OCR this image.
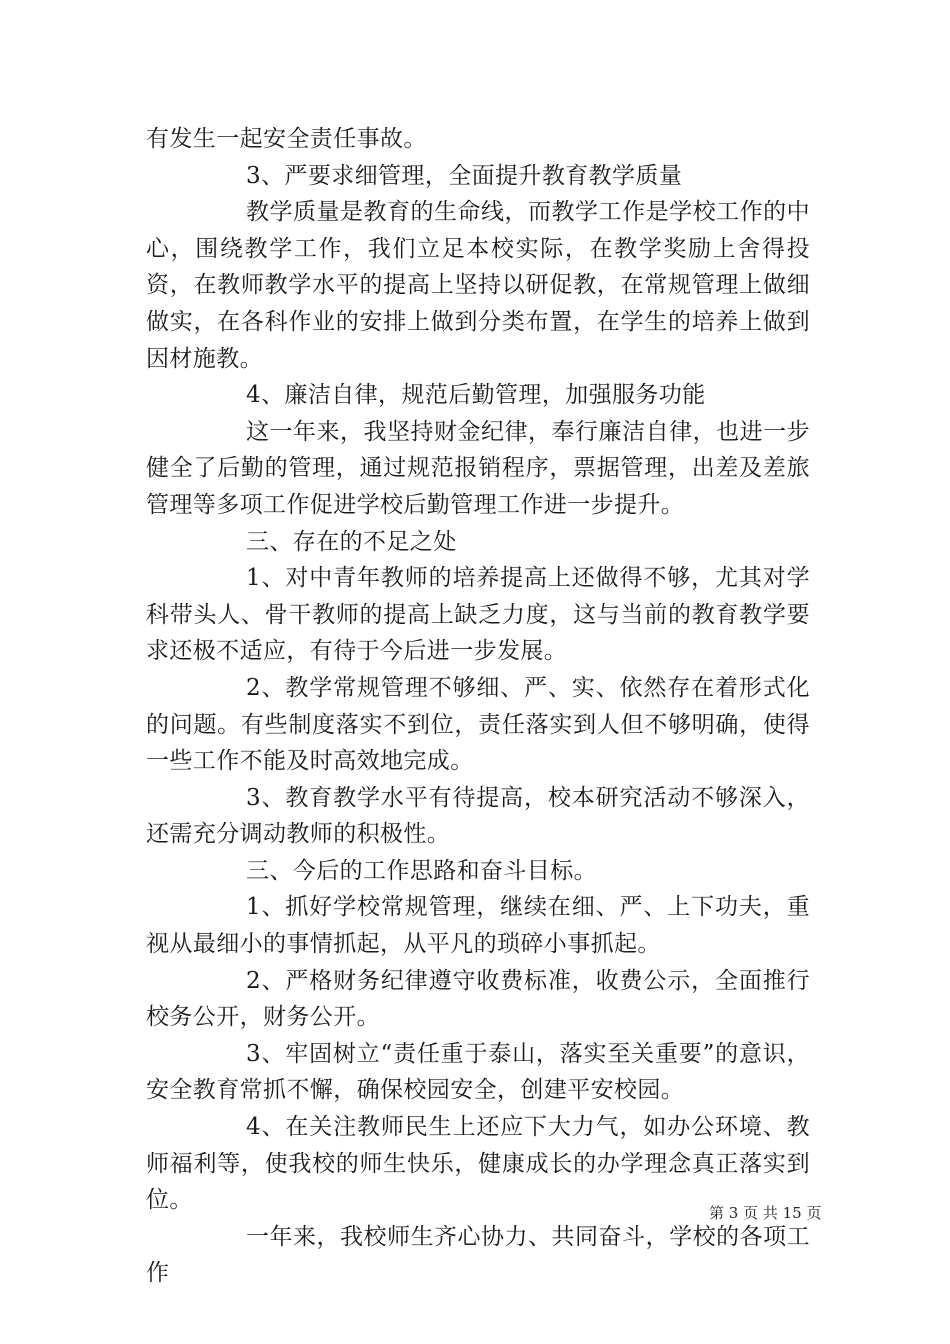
有发生一起安全责任事故。

3、严要求细管理，全面提升教育教学质量

教学质量是教育的生命线，而教学工作是学校工作的中心，围绕教学工作，我们立足本校实际，在教学奖励上舍得投资，在教师教学水平的提高上坚持以研促教，在常规管理上做细做实，在各科作业的安排上做到分类布置，在学生的培养上做到因材施教。

4、廉洁自律，规范后勤管理，加强服务功能

这一年来，我坚持财金纪律，奉行廉洁自律，也进一步健全了后勤的管理，通过规范报销程序，票据管理，出差及差旅管理等多项工作促进学校后勤管理工作进一步提升。

三、存在的不足之处

1、对中青年教师的培养提高上还做得不够，尤其对学科带头人、骨干教师的提高上缺乏力度，这与当前的教育教学要求还极不适应，有待于今后进一步发展。

2、教学常规管理不够细、严、实、依然存在着形式化的问题。有些制度落实不到位，责任落实到人但不够明确，使得一些工作不能及时高效地完成。

3、教育教学水平有待提高，校本研究活动不够深入，还需充分调动教师的积极性。

三、今后的工作思路和奋斗目标。

1、抓好学校常规管理，继续在细、严、上下功夫，重视从最细小的事情抓起，从平凡的琐碎小事抓起。

2、严格财务纪律遵守收费标准，收费公示，全面推行校务公开，财务公开。

3、牢固树立“责任重于泰山，落实至关重要”的意识，安全教育常抓不懈，确保校园安全，创建平安校园。

4、在关注教师民生上还应下大力气，如办公环境、教师福利等，使我校的师生快乐，健康成长的办学理念真正落实到位。

一年来，我校师生齐心协力、共同奋斗，学校的各项工作

第 3 页 共 15 页
